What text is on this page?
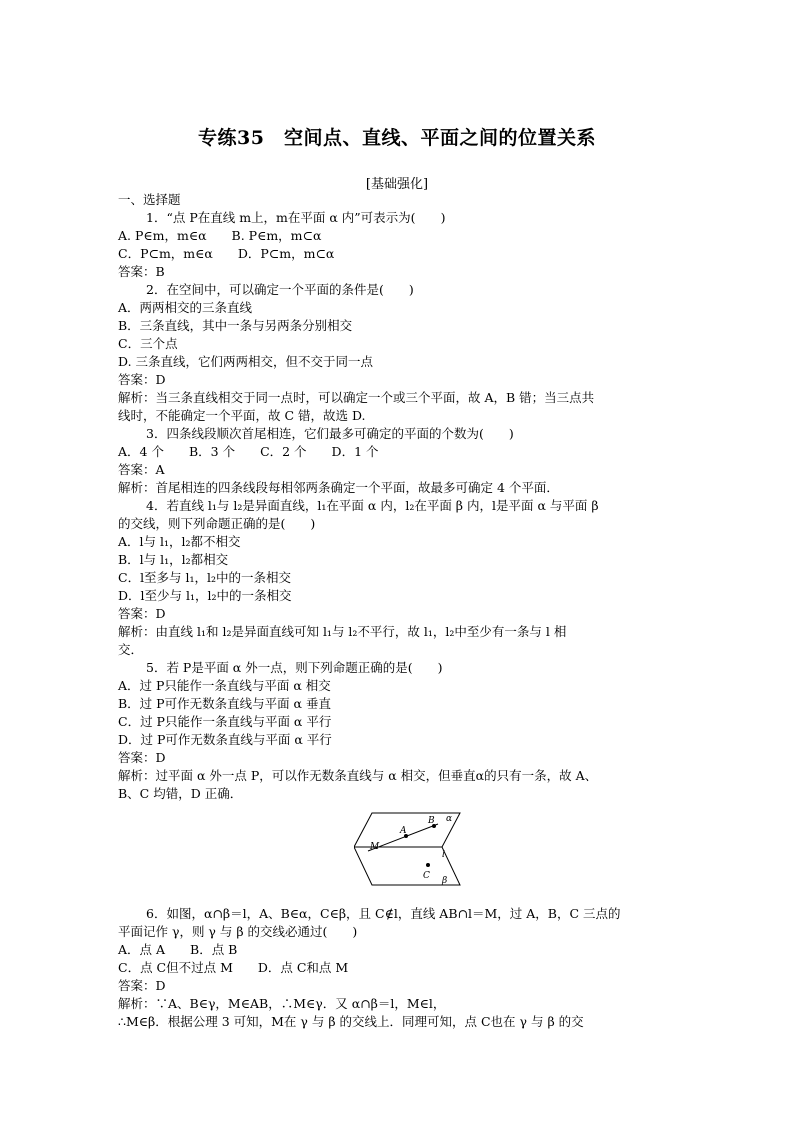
专练35　空间点、直线、平面之间的位置关系
[基础强化]
一、选择题
1．“点 P在直线 m上，m在平面 α 内”可表示为(　　)
A. P∈m，m∈α　　B. P∈m，m⊂α
C．P⊂m，m∈α　　D．P⊂m，m⊂α
答案：B
2．在空间中，可以确定一个平面的条件是(　　)
A．两两相交的三条直线
B．三条直线，其中一条与另两条分别相交
C．三个点
D. 三条直线，它们两两相交，但不交于同一点
答案：D
解析：当三条直线相交于同一点时，可以确定一个或三个平面，故 A，B 错；当三点共
线时，不能确定一个平面，故 C 错，故选 D.
3．四条线段顺次首尾相连，它们最多可确定的平面的个数为(　　)
A．4 个　　B．3 个　　C．2 个　　D．1 个
答案：A
解析：首尾相连的四条线段每相邻两条确定一个平面，故最多可确定 4 个平面．
4．若直线 l₁与 l₂是异面直线，l₁在平面 α 内，l₂在平面 β 内，l是平面 α 与平面 β
的交线，则下列命题正确的是(　　)
A．l与 l₁，l₂都不相交
B．l与 l₁，l₂都相交
C．l至多与 l₁，l₂中的一条相交
D．l至少与 l₁，l₂中的一条相交
答案：D
解析：由直线 l₁和 l₂是异面直线可知 l₁与 l₂不平行，故 l₁，l₂中至少有一条与 l 相
交．
5．若 P是平面 α 外一点，则下列命题正确的是(　　)
A．过 P只能作一条直线与平面 α 相交
B．过 P可作无数条直线与平面 α 垂直
C．过 P只能作一条直线与平面 α 平行
D．过 P可作无数条直线与平面 α 平行
答案：D
解析：过平面 α 外一点 P，可以作无数条直线与 α 相交，但垂直α的只有一条，故 A、
B、C 均错，D 正确．
α
β
l
A
B
C
M
6．如图，α∩β＝l，A、B∈α，C∈β，且 C∉l，直线 AB∩l＝M，过 A，B，C 三点的
平面记作 γ，则 γ 与 β 的交线必通过(　　)
A．点 A　　B．点 B
C．点 C但不过点 M　　D．点 C和点 M
答案：D
解析：∵A、B∈γ，M∈AB，∴M∈γ．又 α∩β＝l，M∈l，
∴M∈β．根据公理 3 可知，M在 γ 与 β 的交线上．同理可知，点 C也在 γ 与 β 的交
